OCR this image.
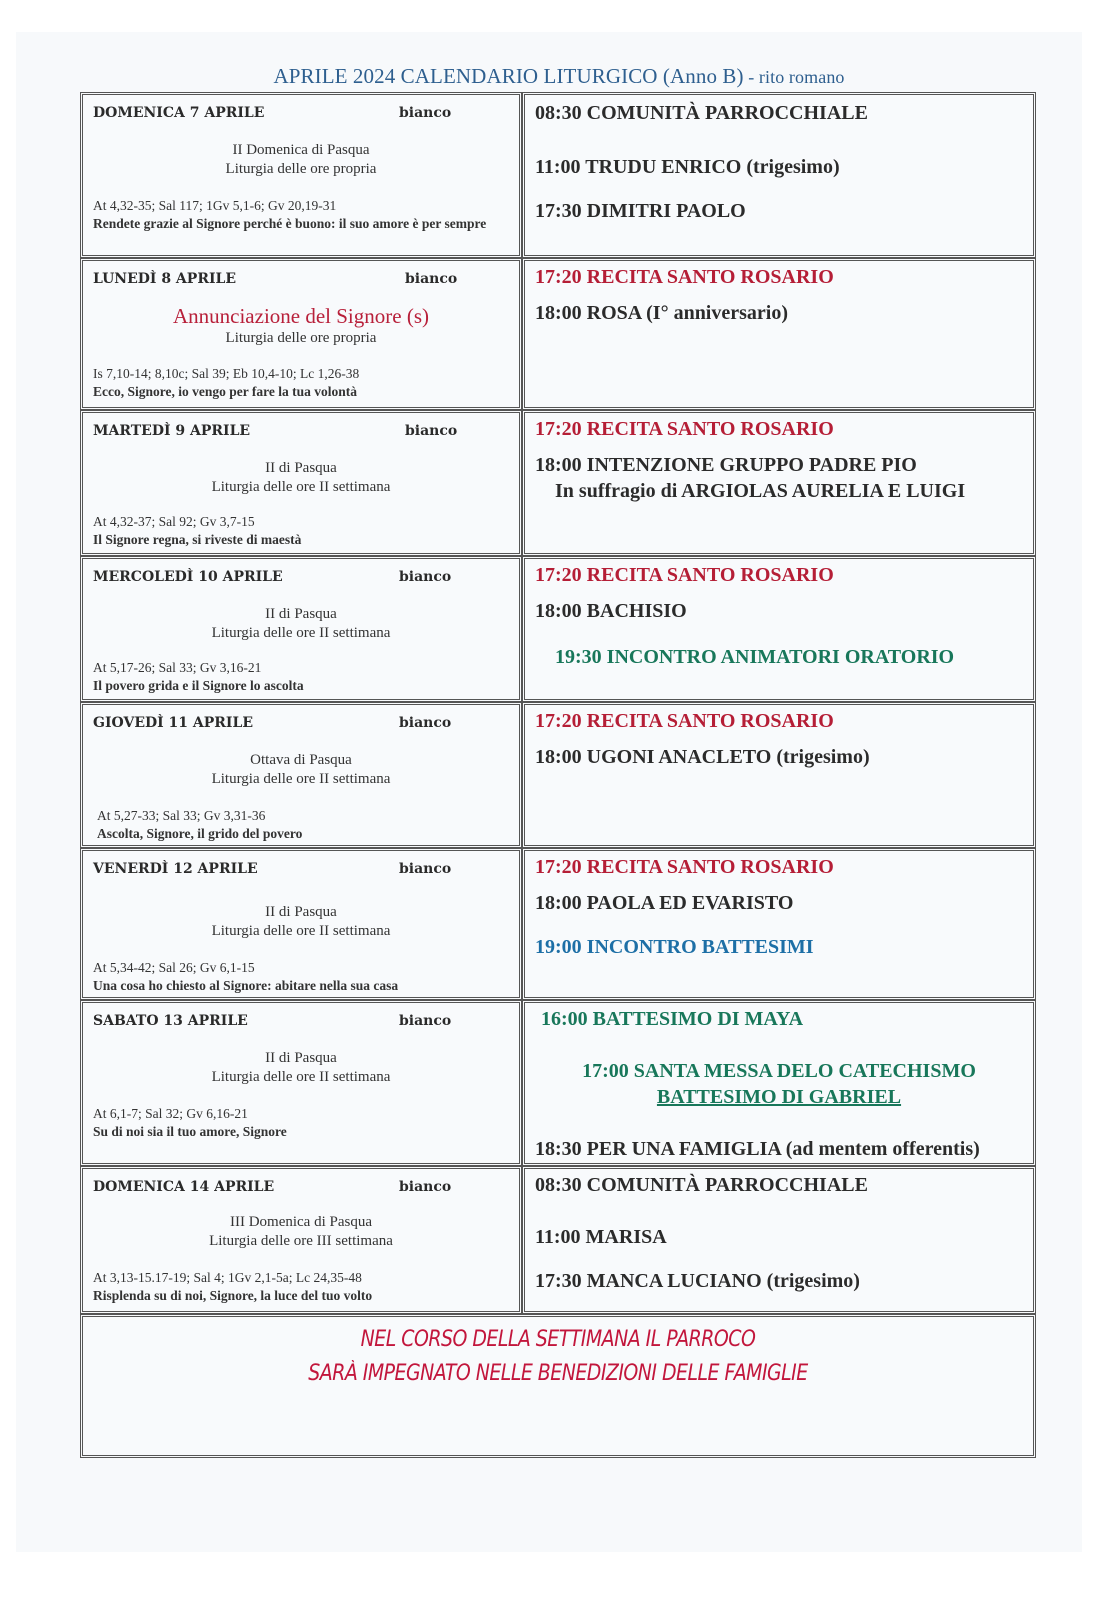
APRILE 2024 CALENDARIO LITURGICO (Anno B) - rito romano
DOMENICA 7 APRILE	bianco
II Domenica di Pasqua
Liturgia delle ore propria
At 4,32-35; Sal 117; 1Gv 5,1-6; Gv 20,19-31
Rendete grazie al Signore perché è buono: il suo amore è per sempre
08:30 COMUNITÀ PARROCCHIALE
11:00 TRUDU ENRICO (trigesimo)
17:30 DIMITRI PAOLO
LUNEDÌ 8 APRILE	bianco
Annunciazione del Signore (s)
Liturgia delle ore propria
Is 7,10-14; 8,10c; Sal 39; Eb 10,4-10; Lc 1,26-38
Ecco, Signore, io vengo per fare la tua volontà
17:20 RECITA SANTO ROSARIO
18:00 ROSA (I° anniversario)
MARTEDÌ 9 APRILE	bianco
II di Pasqua
Liturgia delle ore II settimana
At 4,32-37; Sal 92; Gv 3,7-15
Il Signore regna, si riveste di maestà
17:20 RECITA SANTO ROSARIO
18:00 INTENZIONE GRUPPO PADRE PIO
In suffragio di ARGIOLAS AURELIA E LUIGI
MERCOLEDÌ 10 APRILE	bianco
II di Pasqua
Liturgia delle ore II settimana
At 5,17-26; Sal 33; Gv 3,16-21
Il povero grida e il Signore lo ascolta
17:20 RECITA SANTO ROSARIO
18:00 BACHISIO
19:30 INCONTRO ANIMATORI ORATORIO
GIOVEDÌ 11 APRILE	bianco
Ottava di Pasqua
Liturgia delle ore II settimana
At 5,27-33; Sal 33; Gv 3,31-36
Ascolta, Signore, il grido del povero
17:20 RECITA SANTO ROSARIO
18:00 UGONI ANACLETO (trigesimo)
VENERDÌ 12 APRILE	bianco
II di Pasqua
Liturgia delle ore II settimana
At 5,34-42; Sal 26; Gv 6,1-15
Una cosa ho chiesto al Signore: abitare nella sua casa
17:20 RECITA SANTO ROSARIO
18:00 PAOLA ED EVARISTO
19:00 INCONTRO BATTESIMI
SABATO 13 APRILE	bianco
II di Pasqua
Liturgia delle ore II settimana
At 6,1-7; Sal 32; Gv 6,16-21
Su di noi sia il tuo amore, Signore
16:00 BATTESIMO DI MAYA
17:00 SANTA MESSA DELO CATECHISMO
BATTESIMO DI GABRIEL
18:30 PER UNA FAMIGLIA (ad mentem offerentis)
DOMENICA 14 APRILE	bianco
III Domenica di Pasqua
Liturgia delle ore III settimana
At 3,13-15.17-19; Sal 4; 1Gv 2,1-5a; Lc 24,35-48
Risplenda su di noi, Signore, la luce del tuo volto
08:30 COMUNITÀ PARROCCHIALE
11:00 MARISA
17:30 MANCA LUCIANO (trigesimo)
NEL CORSO DELLA SETTIMANA IL PARROCO
SARÀ IMPEGNATO NELLE BENEDIZIONI DELLE FAMIGLIE
